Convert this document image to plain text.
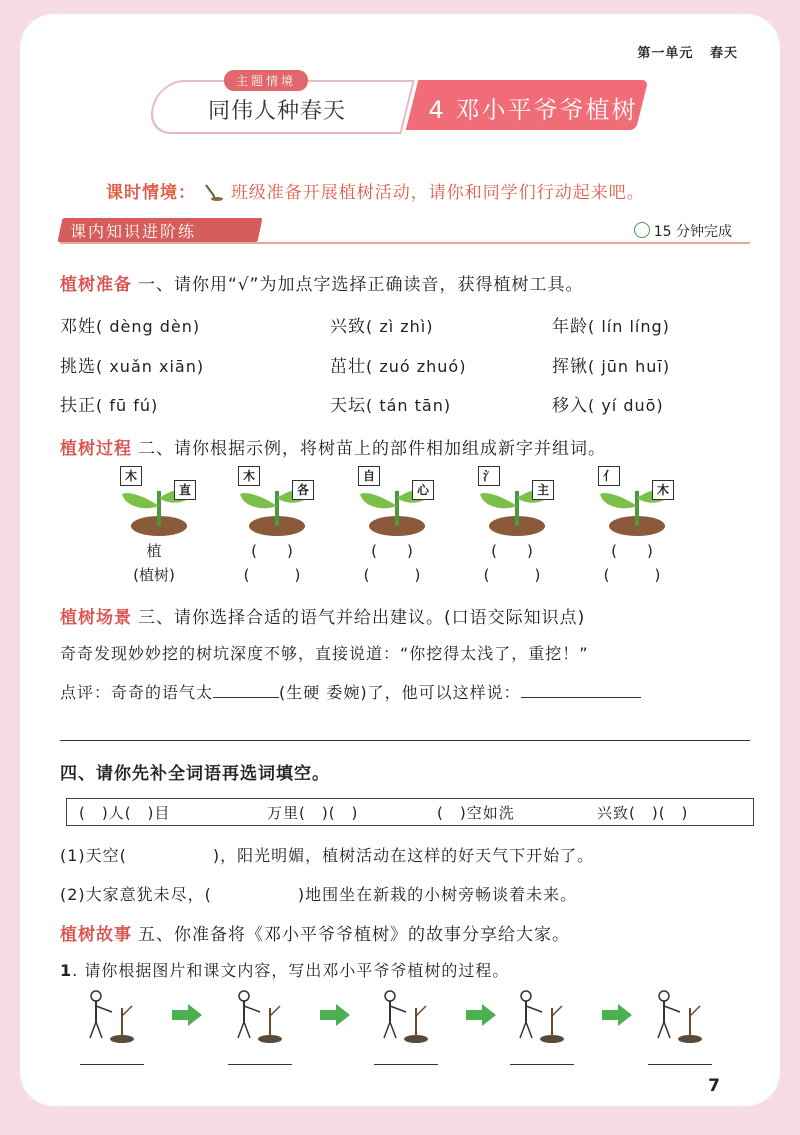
第一单元 春天
主题情境
同伟人种春天	4 邓小平爷爷植树
课时情境： 班级准备开展植树活动，请你和同学们行动起来吧。
课内知识进阶练	15 分钟完成
植树准备 一、请你用“√”为加点字选择正确读音，获得植树工具。
邓姓( dèng dèn)	兴致( zì zhì)	年龄( lín líng)
挑选( xuǎn xiān)	茁壮( zuó zhuó)	挥锹( jūn huī)
扶正( fū fú)	天坛( tán tān)	移入( yí duō)
植树过程 二、请你根据示例，将树苗上的部件相加组成新字并组词。
木
直
植
(植树)
木
各
(　　)
(　　　)
自
心
(　　)
(　　　)
氵
主
(　　)
(　　　)
亻
木
(　　)
(　　　)
植树场景 三、请你选择合适的语气并给出建议。(口语交际知识点)
奇奇发现妙妙挖的树坑深度不够，直接说道：“你挖得太浅了，重挖！”
点评：奇奇的语气太	(生硬 委婉)了，他可以这样说：
四、请你先补全词语再选词填空。
(　)人(　)目	万里(　)(　)	(　)空如洗	兴致(　)(　)
(1)天空(	)，阳光明媚，植树活动在这样的好天气下开始了。
(2)大家意犹未尽，(	)地围坐在新栽的小树旁畅谈着未来。
植树故事 五、你准备将《邓小平爷爷植树》的故事分享给大家。
1. 请你根据图片和课文内容，写出邓小平爷爷植树的过程。
7
